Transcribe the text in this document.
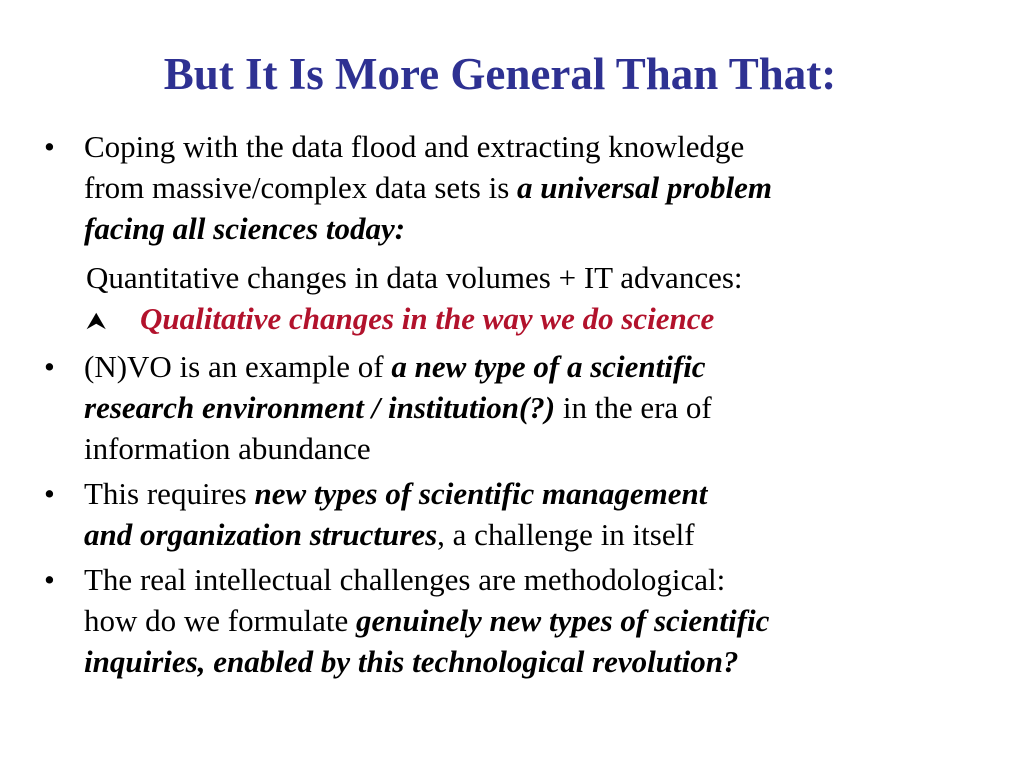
But It Is More General Than That:
• Coping with the data flood and extracting knowledge
from massive/complex data sets is a universal problem
facing all sciences today:
Quantitative changes in data volumes + IT advances:
⮝ Qualitative changes in the way we do science
• (N)VO is an example of a new type of a scientific
research environment / institution(?) in the era of
information abundance
• This requires new types of scientific management
and organization structures, a challenge in itself
• The real intellectual challenges are methodological:
how do we formulate genuinely new types of scientific
inquiries, enabled by this technological revolution?
